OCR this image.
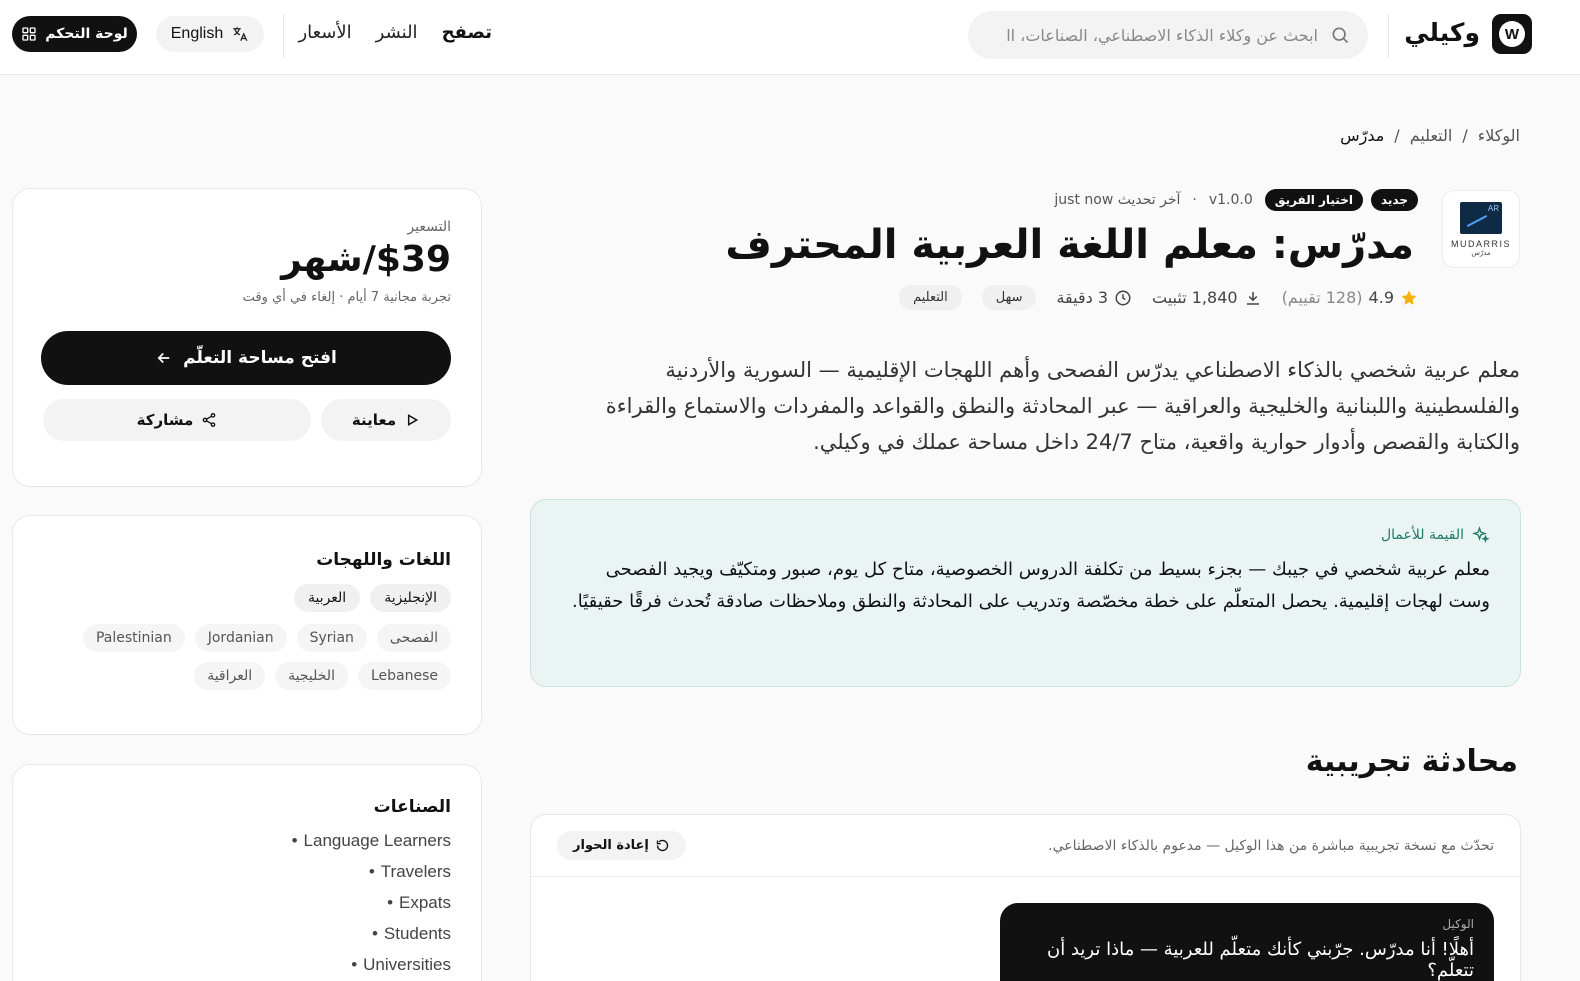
W
وكيلي
ابحث عن وكلاء الذكاء الاصطناعي، الصناعات، اا
تصفح
النشر
الأسعار
English
لوحة التحكم
الوكلاء
/
التعليم
/
مدرّس
AR
MUDARRIS
مدرّس
جديد
اختيار الفريق
v1.0.0
·
آخر تحديث just now
مدرّس: معلم اللغة العربية المحترف
4.9
(128 تقييم)
1,840 تثبيت
3 دقيقة
سهل
التعليم
معلم عربية شخصي بالذكاء الاصطناعي يدرّس الفصحى وأهم اللهجات الإقليمية — السورية والأردنية والفلسطينية واللبنانية والخليجية والعراقية — عبر المحادثة والنطق والقواعد والمفردات والاستماع والقراءة والكتابة والقصص وأدوار حوارية واقعية، متاح 24/7 داخل مساحة عملك في وكيلي.
القيمة للأعمال
معلم عربية شخصي في جيبك — بجزء بسيط من تكلفة الدروس الخصوصية، متاح كل يوم، صبور ومتكيّف ويجيد الفصحى وست لهجات إقليمية. يحصل المتعلّم على خطة مخصّصة وتدريب على المحادثة والنطق وملاحظات صادقة تُحدث فرقًا حقيقيًا.
محادثة تجريبية
تحدّث مع نسخة تجريبية مباشرة من هذا الوكيل — مدعوم بالذكاء الاصطناعي.
إعادة الحوار
الوكيل
أهلًا! أنا مدرّس. جرّبني كأنك متعلّم للعربية — ماذا تريد أن تتعلّم؟
التسعير
$39/شهر
تجربة مجانية 7 أيام · إلغاء في أي وقت
افتح مساحة التعلّم
معاينة
مشاركة
اللغات واللهجات
الإنجليزية
العربية
الفصحى
Syrian
Jordanian
Palestinian
Lebanese
الخليجية
العراقية
الصناعات
Language Learners•
Travelers•
Expats•
Students•
Universities•
